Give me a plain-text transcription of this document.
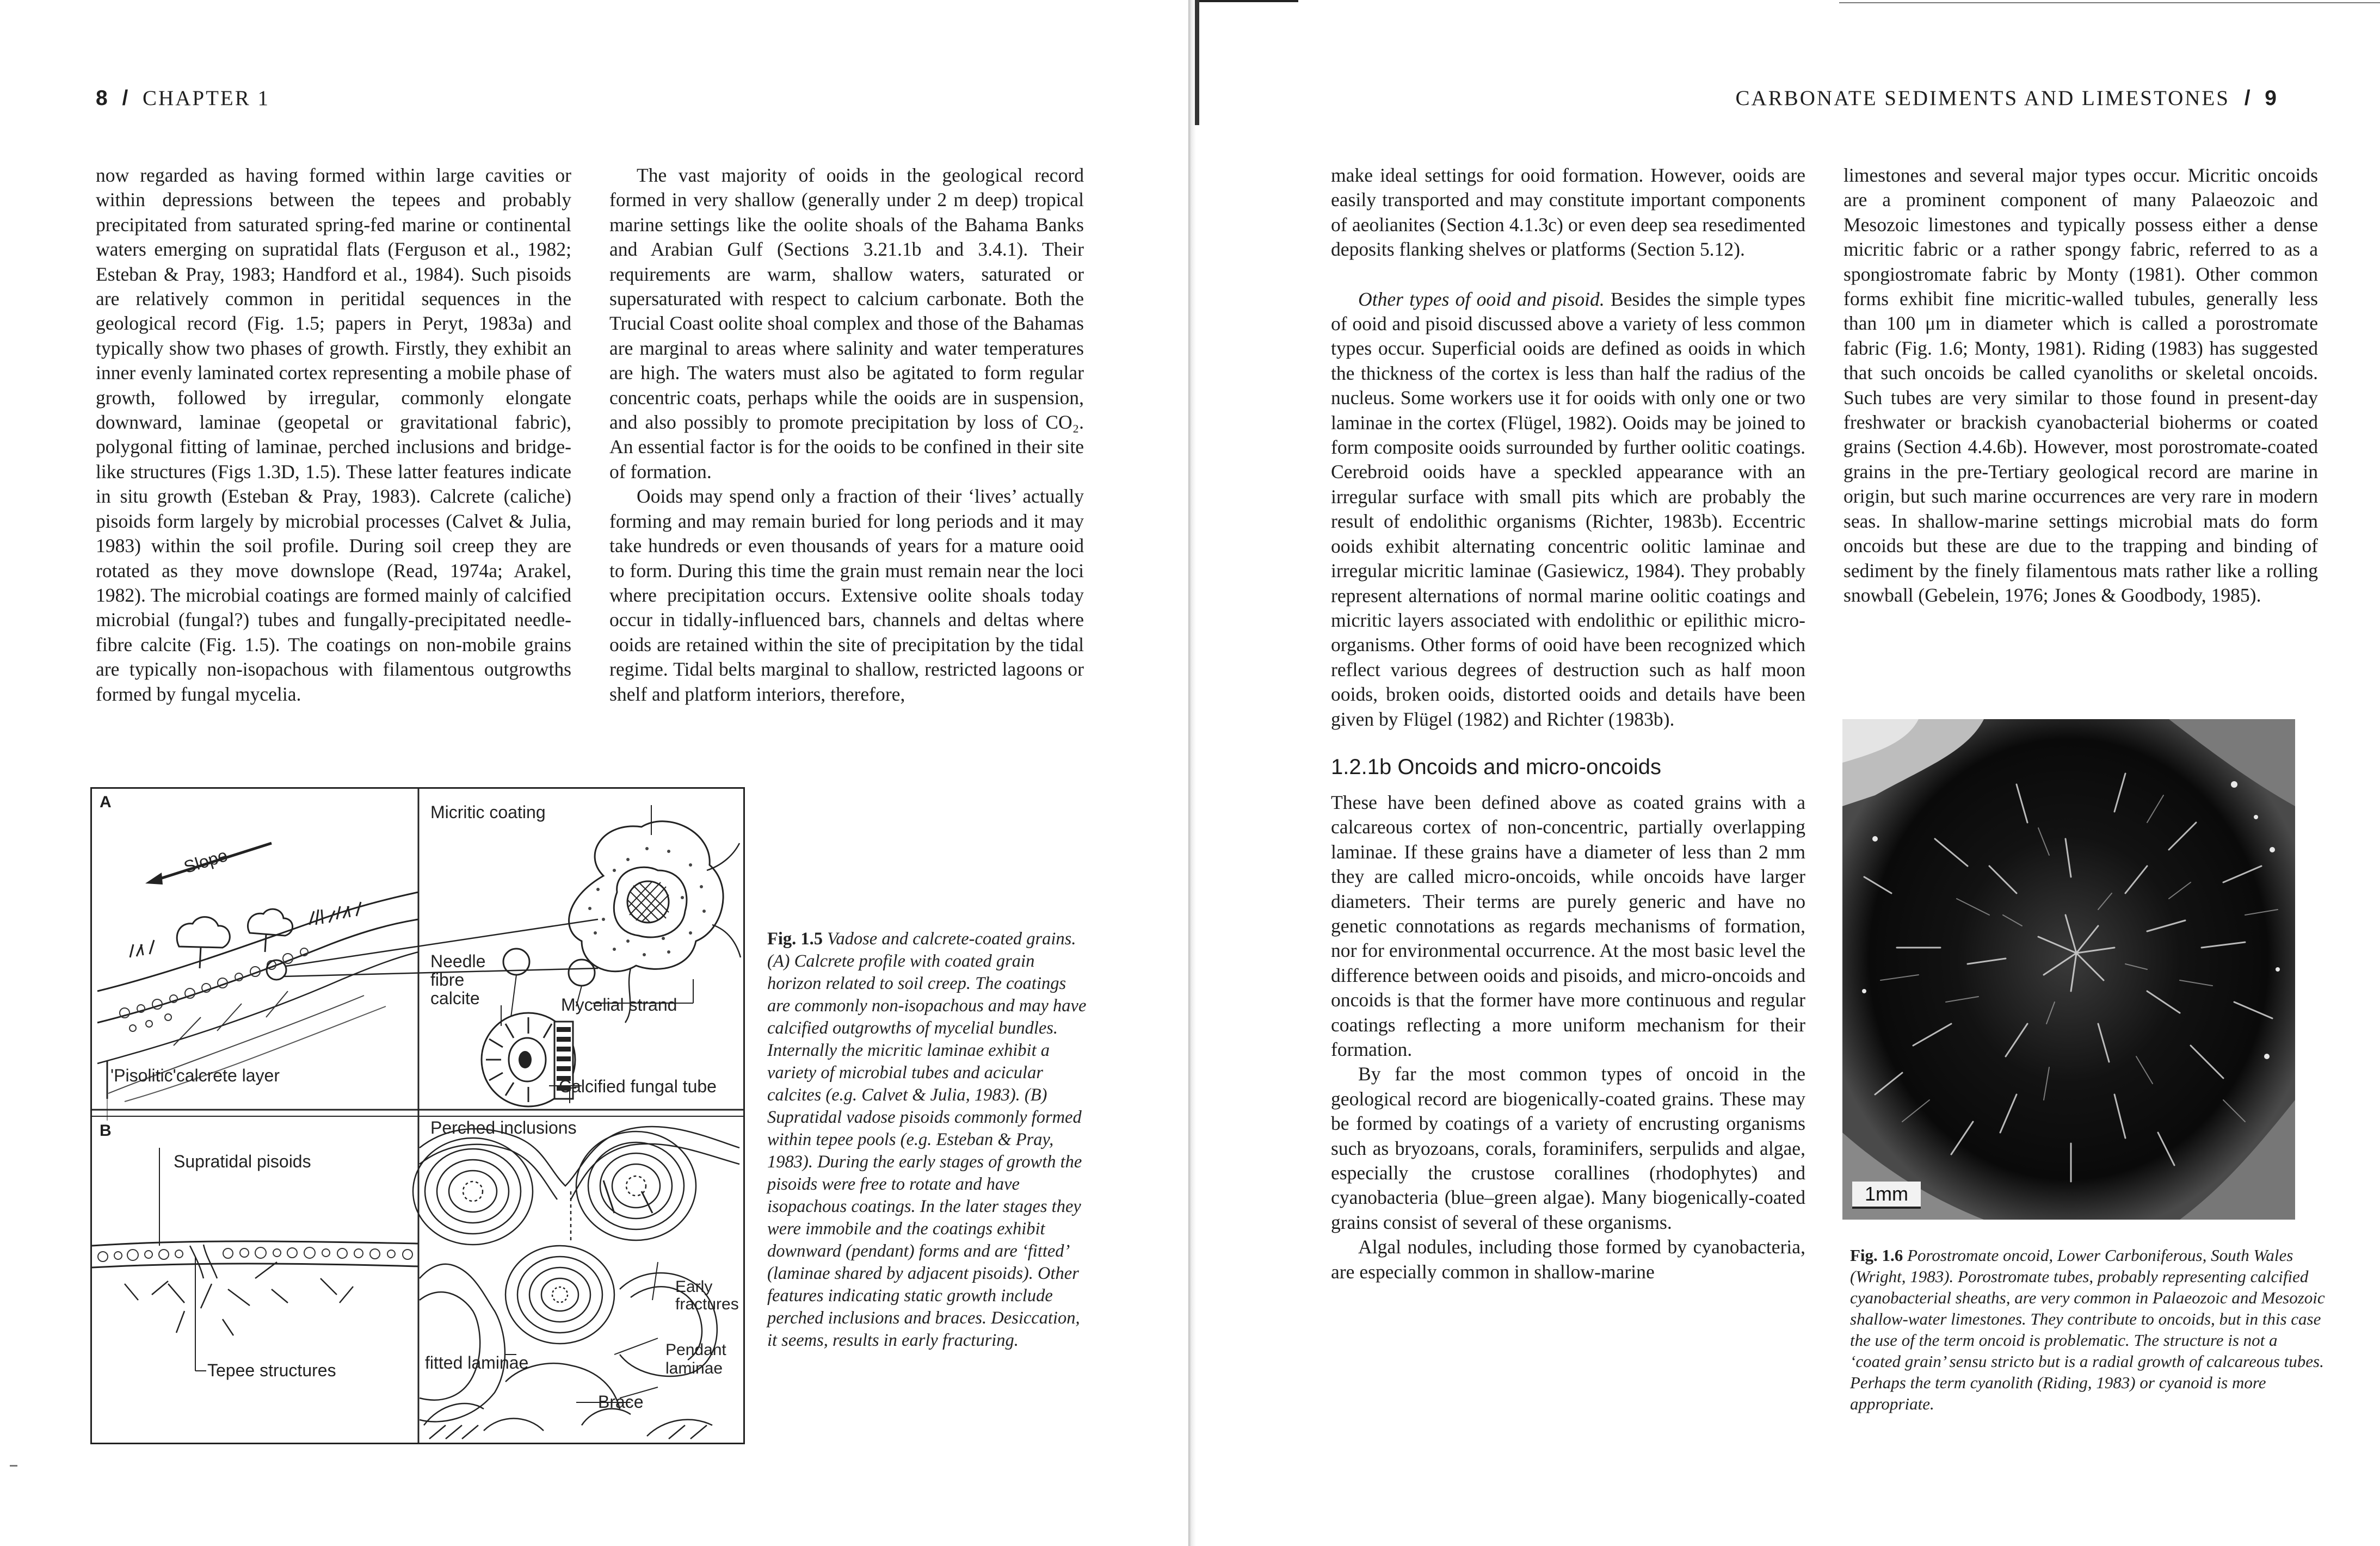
8 / CHAPTER 1	CARBONATE SEDIMENTS AND LIMESTONES / 9

now regarded as having formed within large cavities or within depressions between the tepees and probably precipitated from saturated spring-fed marine or continental waters emerging on supratidal flats (Ferguson et al., 1982; Esteban & Pray, 1983; Handford et al., 1984). Such pisoids are relatively common in peritidal sequences in the geological record (Fig. 1.5; papers in Peryt, 1983a) and typically show two phases of growth. Firstly, they exhibit an inner evenly laminated cortex representing a mobile phase of growth, followed by irregular, commonly elongate downward, laminae (geopetal or gravitational fabric), polygonal fitting of laminae, perched inclusions and bridge-like structures (Figs 1.3D, 1.5). These latter features indicate in situ growth (Esteban & Pray, 1983). Calcrete (caliche) pisoids form largely by microbial processes (Calvet & Julia, 1983) within the soil profile. During soil creep they are rotated as they move downslope (Read, 1974a; Arakel, 1982). The microbial coatings are formed mainly of calcified microbial (fungal?) tubes and fungally-precipitated needle-fibre calcite (Fig. 1.5). The coatings on non-mobile grains are typically non-isopachous with filamentous outgrowths formed by fungal mycelia.

The vast majority of ooids in the geological record formed in very shallow (generally under 2 m deep) tropical marine settings like the oolite shoals of the Bahama Banks and Arabian Gulf (Sections 3.21.1b and 3.4.1). Their requirements are warm, shallow waters, saturated or supersaturated with respect to calcium carbonate. Both the Trucial Coast oolite shoal complex and those of the Bahamas are marginal to areas where salinity and water temperatures are high. The waters must also be agitated to form regular concentric coats, perhaps while the ooids are in suspension, and also possibly to promote precipitation by loss of CO₂. An essential factor is for the ooids to be confined in their site of formation.

Ooids may spend only a fraction of their ‘lives’ actually forming and may remain buried for long periods and it may take hundreds or even thousands of years for a mature ooid to form. During this time the grain must remain near the loci where precipitation occurs. Extensive oolite shoals today occur in tidally-influenced bars, channels and deltas where ooids are retained within the site of precipitation by the tidal regime. Tidal belts marginal to shallow, restricted lagoons or shelf and platform interiors, therefore,

A
B
Slope
'Pisolitic'calcrete layer
Micritic coating
Needle
fibre
calcite	Mycelial strand
Calcified fungal tube
Supratidal pisoids
Tepee structures
Perched inclusions
Early
fractures
fitted laminae
Pendant
laminae
Brace
Fig. 1.5 Vadose and calcrete-coated grains. (A) Calcrete profile with coated grain horizon related to soil creep. The coatings are commonly non-isopachous and may have calcified outgrowths of mycelial bundles. Internally the micritic laminae exhibit a variety of microbial tubes and acicular calcites (e.g. Calvet & Julia, 1983). (B) Supratidal vadose pisoids commonly formed within tepee pools (e.g. Esteban & Pray, 1983). During the early stages of growth the pisoids were free to rotate and have isopachous coatings. In the later stages they were immobile and the coatings exhibit downward (pendant) forms and are ‘fitted’ (laminae shared by adjacent pisoids). Other features indicating static growth include perched inclusions and braces. Desiccation, it seems, results in early fracturing.

make ideal settings for ooid formation. However, ooids are easily transported and may constitute important components of aeolianites (Section 4.1.3c) or even deep sea resedimented deposits flanking shelves or platforms (Section 5.12).

Other types of ooid and pisoid. Besides the simple types of ooid and pisoid discussed above a variety of less common types occur. Superficial ooids are defined as ooids in which the thickness of the cortex is less than half the radius of the nucleus. Some workers use it for ooids with only one or two laminae in the cortex (Flügel, 1982). Ooids may be joined to form composite ooids surrounded by further oolitic coatings. Cerebroid ooids have a speckled appearance with an irregular surface with small pits which are probably the result of endolithic organisms (Richter, 1983b). Eccentric ooids exhibit alternating concentric oolitic laminae and irregular micritic laminae (Gasiewicz, 1984). They probably represent alternations of normal marine oolitic coatings and micritic layers associated with endolithic or epilithic micro-organisms. Other forms of ooid have been recognized which reflect various degrees of destruction such as half moon ooids, broken ooids, distorted ooids and details have been given by Flügel (1982) and Richter (1983b).

1.2.1b Oncoids and micro-oncoids

These have been defined above as coated grains with a calcareous cortex of non-concentric, partially overlapping laminae. If these grains have a diameter of less than 2 mm they are called micro-oncoids, while oncoids have larger diameters. Their terms are purely generic and have no genetic connotations as regards mechanisms of formation, nor for environmental occurrence. At the most basic level the difference between ooids and pisoids, and micro-oncoids and oncoids is that the former have more continuous and regular coatings reflecting a more uniform mechanism for their formation.

By far the most common types of oncoid in the geological record are biogenically-coated grains. These may be formed by coatings of a variety of encrusting organisms such as bryozoans, corals, foraminifers, serpulids and algae, especially the crustose corallines (rhodophytes) and cyanobacteria (blue–green algae). Many biogenically-coated grains consist of several of these organisms.

Algal nodules, including those formed by cyanobacteria, are especially common in shallow-marine

limestones and several major types occur. Micritic oncoids are a prominent component of many Palaeozoic and Mesozoic limestones and typically possess either a dense micritic fabric or a rather spongy fabric, referred to as a spongiostromate fabric by Monty (1981). Other common forms exhibit fine micritic-walled tubules, generally less than 100 μm in diameter which is called a porostromate fabric (Fig. 1.6; Monty, 1981). Riding (1983) has suggested that such oncoids be called cyanoliths or skeletal oncoids. Such tubes are very similar to those found in present-day freshwater or brackish cyanobacterial bioherms or coated grains (Section 4.4.6b). However, most porostromate-coated grains in the pre-Tertiary geological record are marine in origin, but such marine occurrences are very rare in modern seas. In shallow-marine settings microbial mats do form oncoids but these are due to the trapping and binding of sediment by the finely filamentous mats rather like a rolling snowball (Gebelein, 1976; Jones & Goodbody, 1985).

1mm
Fig. 1.6 Porostromate oncoid, Lower Carboniferous, South Wales (Wright, 1983). Porostromate tubes, probably representing calcified cyanobacterial sheaths, are very common in Palaeozoic and Mesozoic shallow-water limestones. They contribute to oncoids, but in this case the use of the term oncoid is problematic. The structure is not a ‘coated grain’ sensu stricto but is a radial growth of calcareous tubes. Perhaps the term cyanolith (Riding, 1983) or cyanoid is more appropriate.
